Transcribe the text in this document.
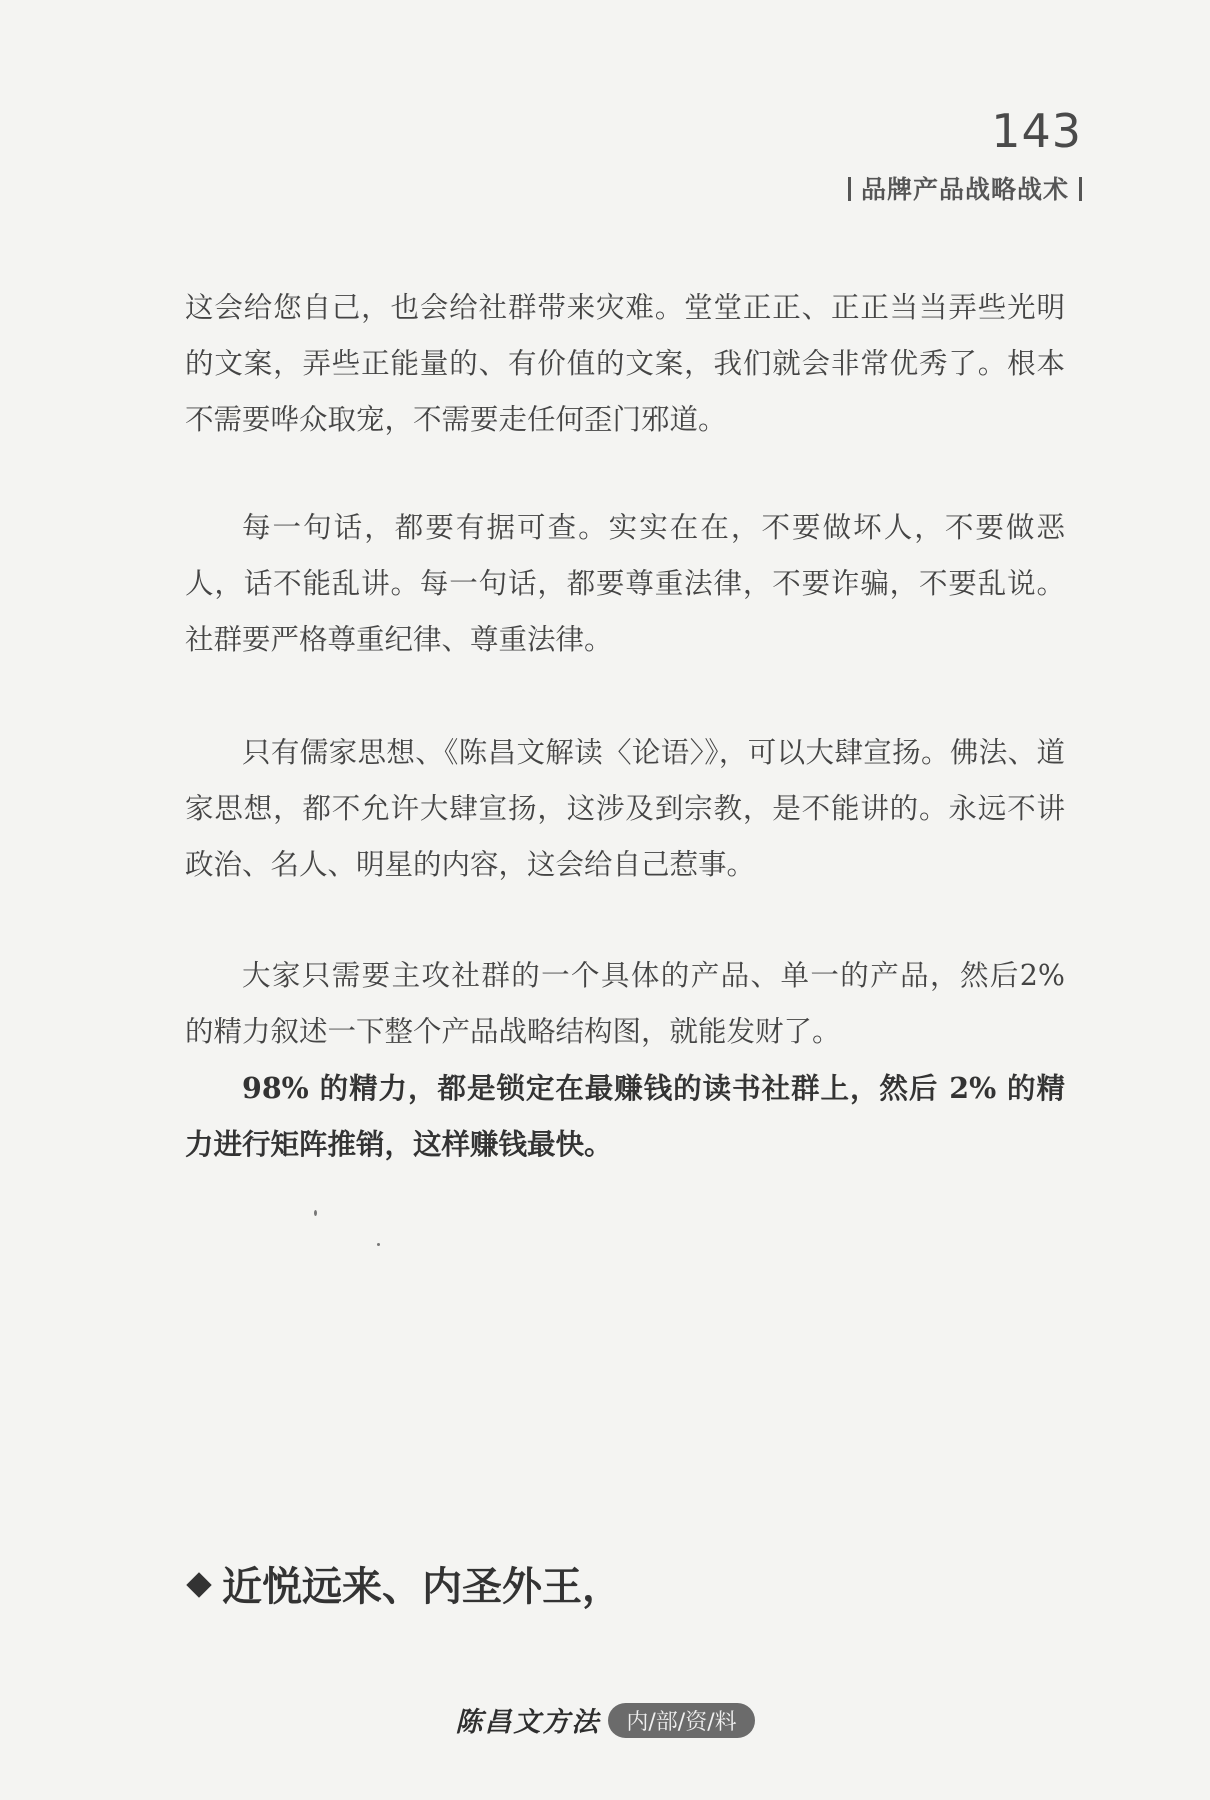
143
品牌产品战略战术

这会给您自己，也会给社群带来灾难。堂堂正正、正正当当弄些光明的文案，弄些正能量的、有价值的文案，我们就会非常优秀了。根本不需要哗众取宠，不需要走任何歪门邪道。

每一句话，都要有据可查。实实在在，不要做坏人，不要做恶人，话不能乱讲。每一句话，都要尊重法律，不要诈骗，不要乱说。社群要严格尊重纪律、尊重法律。

只有儒家思想、《陈昌文解读〈论语〉》，可以大肆宣扬。佛法、道家思想，都不允许大肆宣扬，这涉及到宗教，是不能讲的。永远不讲政治、名人、明星的内容，这会给自己惹事。

大家只需要主攻社群的一个具体的产品、单一的产品，然后2% 的精力叙述一下整个产品战略结构图，就能发财了。

98% 的精力，都是锁定在最赚钱的读书社群上，然后 2% 的精力进行矩阵推销，这样赚钱最快。

近悦远来、内圣外王，
陈昌文方法 内/部/资/料
